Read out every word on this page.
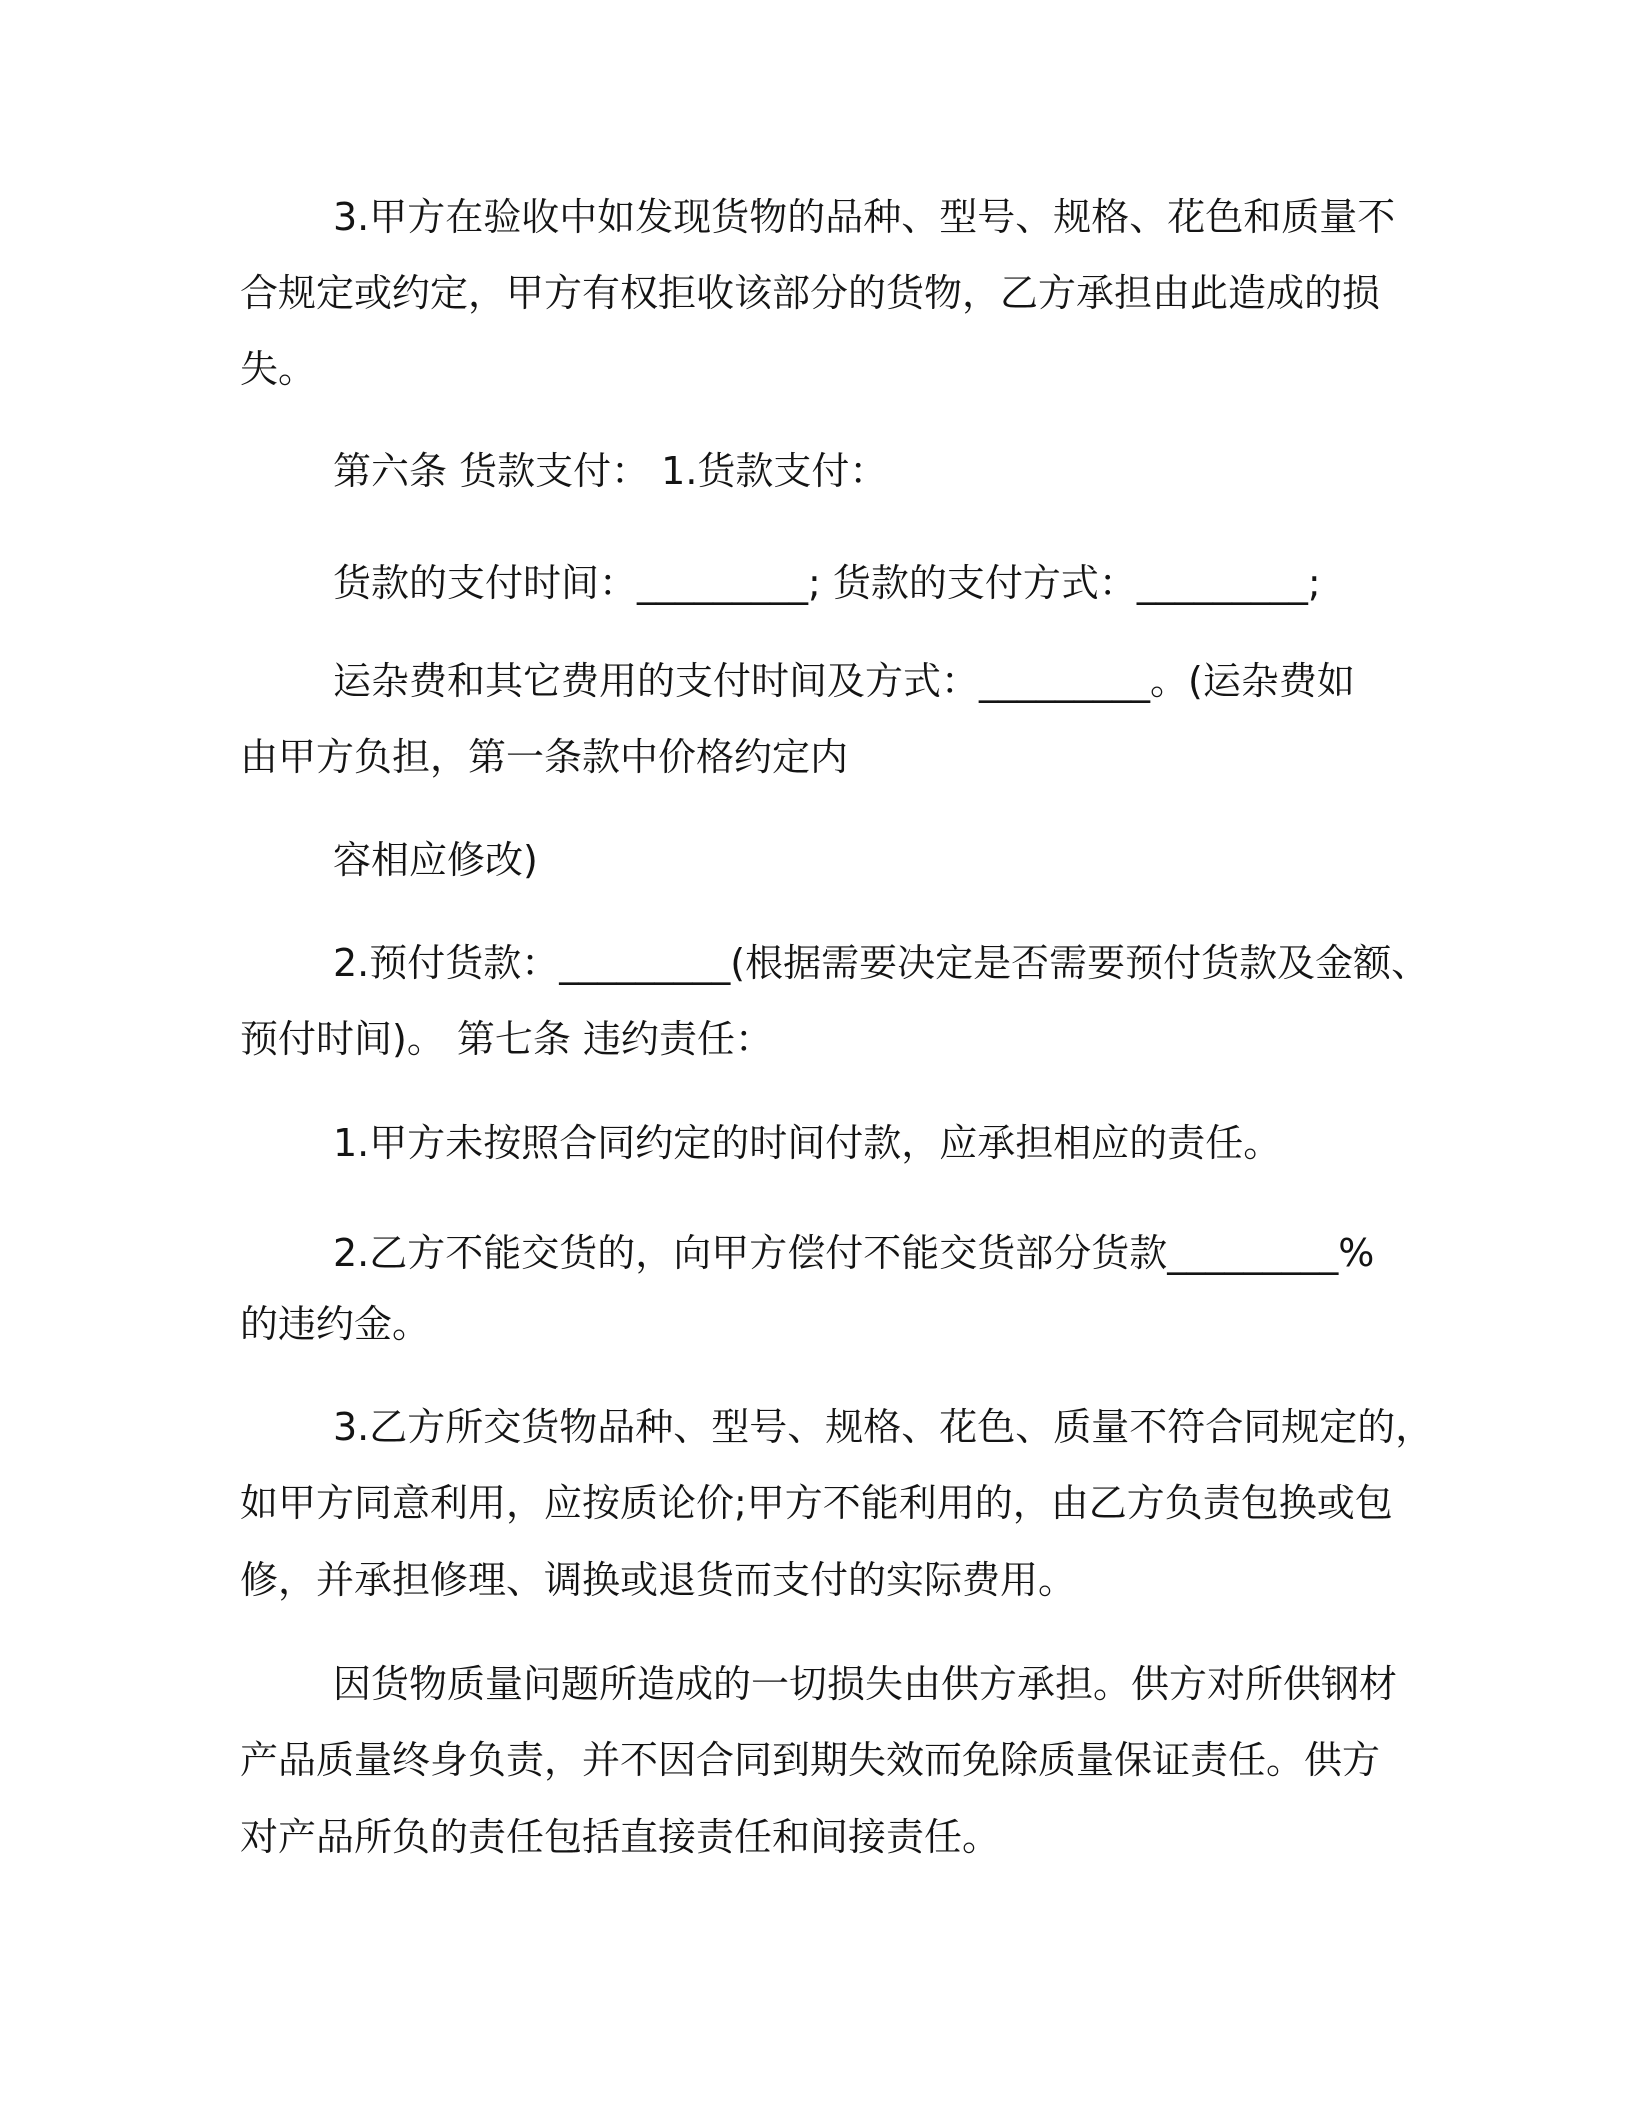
3.甲方在验收中如发现货物的品种、型号、规格、花色和质量不
合规定或约定，甲方有权拒收该部分的货物，乙方承担由此造成的损
失。
第六条 货款支付： 1.货款支付：
货款的支付时间：_________; 货款的支付方式：_________;
运杂费和其它费用的支付时间及方式：_________。(运杂费如
由甲方负担，第一条款中价格约定内
容相应修改)
2.预付货款：_________(根据需要决定是否需要预付货款及金额、
预付时间)。 第七条 违约责任：
1.甲方未按照合同约定的时间付款，应承担相应的责任。
2.乙方不能交货的，向甲方偿付不能交货部分货款_________%
的违约金。
3.乙方所交货物品种、型号、规格、花色、质量不符合同规定的，
如甲方同意利用，应按质论价;甲方不能利用的，由乙方负责包换或包
修，并承担修理、调换或退货而支付的实际费用。
因货物质量问题所造成的一切损失由供方承担。供方对所供钢材
产品质量终身负责，并不因合同到期失效而免除质量保证责任。供方
对产品所负的责任包括直接责任和间接责任。
